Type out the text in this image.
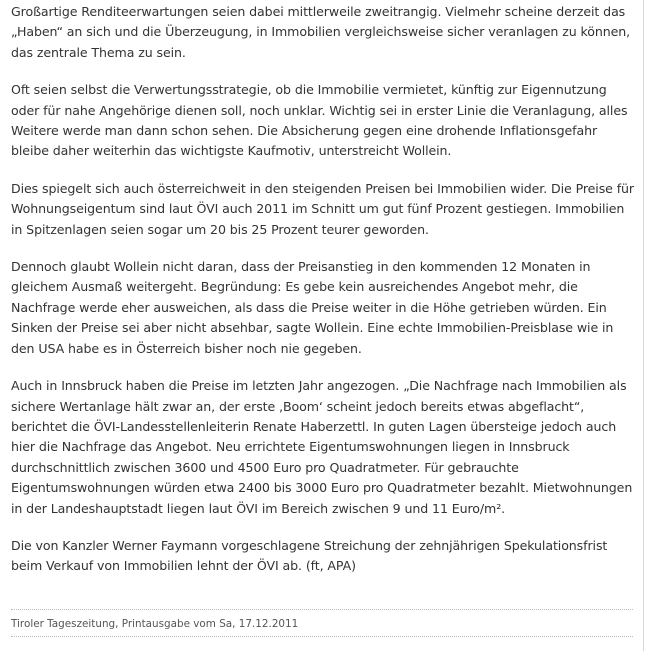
Großartige Renditeerwartungen seien dabei mittlerweile zweitrangig. Vielmehr scheine derzeit das „Haben“ an sich und die Überzeugung, in Immobilien vergleichsweise sicher veranlagen zu können, das zentrale Thema zu sein.

Oft seien selbst die Verwertungsstrategie, ob die Immobilie vermietet, künftig zur Eigennutzung oder für nahe Angehörige dienen soll, noch unklar. Wichtig sei in erster Linie die Veranlagung, alles Weitere werde man dann schon sehen. Die Absicherung gegen eine drohende Inflationsgefahr bleibe daher weiterhin das wichtigste Kaufmotiv, unterstreicht Wollein.

Dies spiegelt sich auch österreichweit in den steigenden Preisen bei Immobilien wider. Die Preise für Wohnungseigentum sind laut ÖVI auch 2011 im Schnitt um gut fünf Prozent gestiegen. Immobilien in Spitzenlagen seien sogar um 20 bis 25 Prozent teurer geworden.

Dennoch glaubt Wollein nicht daran, dass der Preisanstieg in den kommenden 12 Monaten in gleichem Ausmaß weitergeht. Begründung: Es gebe kein ausreichendes Angebot mehr, die Nachfrage werde eher ausweichen, als dass die Preise weiter in die Höhe getrieben würden. Ein Sinken der Preise sei aber nicht absehbar, sagte Wollein. Eine echte Immobilien-Preisblase wie in den USA habe es in Österreich bisher noch nie gegeben.

Auch in Innsbruck haben die Preise im letzten Jahr angezogen. „Die Nachfrage nach Immobilien als sichere Wertanlage hält zwar an, der erste ‚Boom‘ scheint jedoch bereits etwas abgeflacht“, berichtet die ÖVI-Landesstellenleiterin Renate Haberzettl. In guten Lagen übersteige jedoch auch hier die Nachfrage das Angebot. Neu errichtete Eigentumswohnungen liegen in Innsbruck durchschnittlich zwischen 3600 und 4500 Euro pro Quadratmeter. Für gebrauchte Eigentumswohnungen würden etwa 2400 bis 3000 Euro pro Quadratmeter bezahlt. Mietwohnungen in der Landeshauptstadt liegen laut ÖVI im Bereich zwischen 9 und 11 Euro/m².

Die von Kanzler Werner Faymann vorgeschlagene Streichung der zehnjährigen Spekulationsfrist beim Verkauf von Immobilien lehnt der ÖVI ab. (ft, APA)

Tiroler Tageszeitung, Printausgabe vom Sa, 17.12.2011
